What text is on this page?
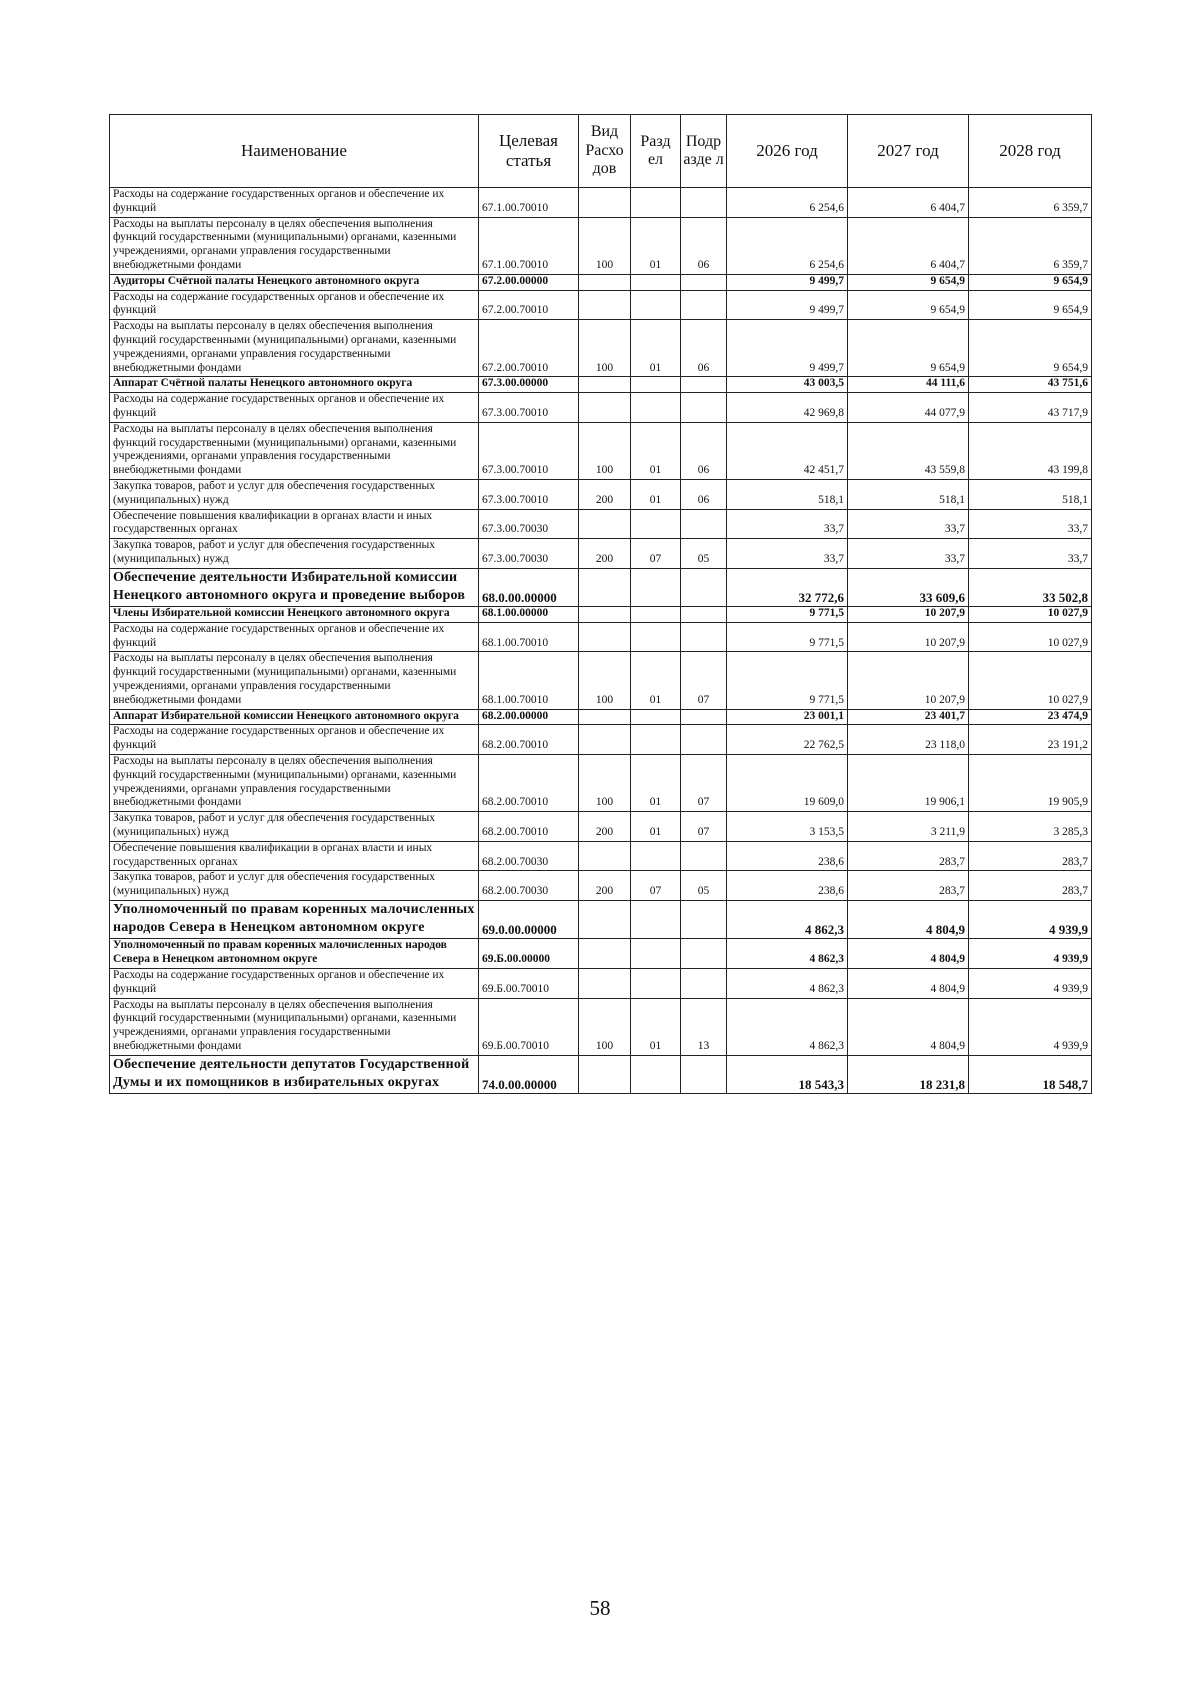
Наименование	Целевая статья	Вид Расхо дов	Разд ел	Подр азде л	2026 год	2027 год	2028 год
Расходы на содержание государственных органов и обеспечение их функций	67.1.00.70010				6 254,6	6 404,7	6 359,7
Расходы на выплаты персоналу в целях обеспечения выполнения функций государственными (муниципальными) органами, казенными учреждениями, органами управления государственными внебюджетными фондами	67.1.00.70010	100	01	06	6 254,6	6 404,7	6 359,7
Аудиторы Счётной палаты Ненецкого автономного округа	67.2.00.00000				9 499,7	9 654,9	9 654,9
Расходы на содержание государственных органов и обеспечение их функций	67.2.00.70010				9 499,7	9 654,9	9 654,9
Расходы на выплаты персоналу в целях обеспечения выполнения функций государственными (муниципальными) органами, казенными учреждениями, органами управления государственными внебюджетными фондами	67.2.00.70010	100	01	06	9 499,7	9 654,9	9 654,9
Аппарат Счётной палаты Ненецкого автономного округа	67.3.00.00000				43 003,5	44 111,6	43 751,6
Расходы на содержание государственных органов и обеспечение их функций	67.3.00.70010				42 969,8	44 077,9	43 717,9
Расходы на выплаты персоналу в целях обеспечения выполнения функций государственными (муниципальными) органами, казенными учреждениями, органами управления государственными внебюджетными фондами	67.3.00.70010	100	01	06	42 451,7	43 559,8	43 199,8
Закупка товаров, работ и услуг для обеспечения государственных (муниципальных) нужд	67.3.00.70010	200	01	06	518,1	518,1	518,1
Обеспечение повышения квалификации в органах власти и иных государственных органах	67.3.00.70030				33,7	33,7	33,7
Закупка товаров, работ и услуг для обеспечения государственных (муниципальных) нужд	67.3.00.70030	200	07	05	33,7	33,7	33,7
Обеспечение деятельности Избирательной комиссии Ненецкого автономного округа и проведение выборов	68.0.00.00000				32 772,6	33 609,6	33 502,8
Члены Избирательной комиссии Ненецкого автономного округа	68.1.00.00000				9 771,5	10 207,9	10 027,9
Расходы на содержание государственных органов и обеспечение их функций	68.1.00.70010				9 771,5	10 207,9	10 027,9
Расходы на выплаты персоналу в целях обеспечения выполнения функций государственными (муниципальными) органами, казенными учреждениями, органами управления государственными внебюджетными фондами	68.1.00.70010	100	01	07	9 771,5	10 207,9	10 027,9
Аппарат Избирательной комиссии Ненецкого автономного округа	68.2.00.00000				23 001,1	23 401,7	23 474,9
Расходы на содержание государственных органов и обеспечение их функций	68.2.00.70010				22 762,5	23 118,0	23 191,2
Расходы на выплаты персоналу в целях обеспечения выполнения функций государственными (муниципальными) органами, казенными учреждениями, органами управления государственными внебюджетными фондами	68.2.00.70010	100	01	07	19 609,0	19 906,1	19 905,9
Закупка товаров, работ и услуг для обеспечения государственных (муниципальных) нужд	68.2.00.70010	200	01	07	3 153,5	3 211,9	3 285,3
Обеспечение повышения квалификации в органах власти и иных государственных органах	68.2.00.70030				238,6	283,7	283,7
Закупка товаров, работ и услуг для обеспечения государственных (муниципальных) нужд	68.2.00.70030	200	07	05	238,6	283,7	283,7
Уполномоченный по правам коренных малочисленных народов Севера в Ненецком автономном округе	69.0.00.00000				4 862,3	4 804,9	4 939,9
Уполномоченный по правам коренных малочисленных народов Севера в Ненецком автономном округе	69.Б.00.00000				4 862,3	4 804,9	4 939,9
Расходы на содержание государственных органов и обеспечение их функций	69.Б.00.70010				4 862,3	4 804,9	4 939,9
Расходы на выплаты персоналу в целях обеспечения выполнения функций государственными (муниципальными) органами, казенными учреждениями, органами управления государственными внебюджетными фондами	69.Б.00.70010	100	01	13	4 862,3	4 804,9	4 939,9
Обеспечение деятельности депутатов Государственной Думы и их помощников в избирательных округах	74.0.00.00000				18 543,3	18 231,8	18 548,7
58
